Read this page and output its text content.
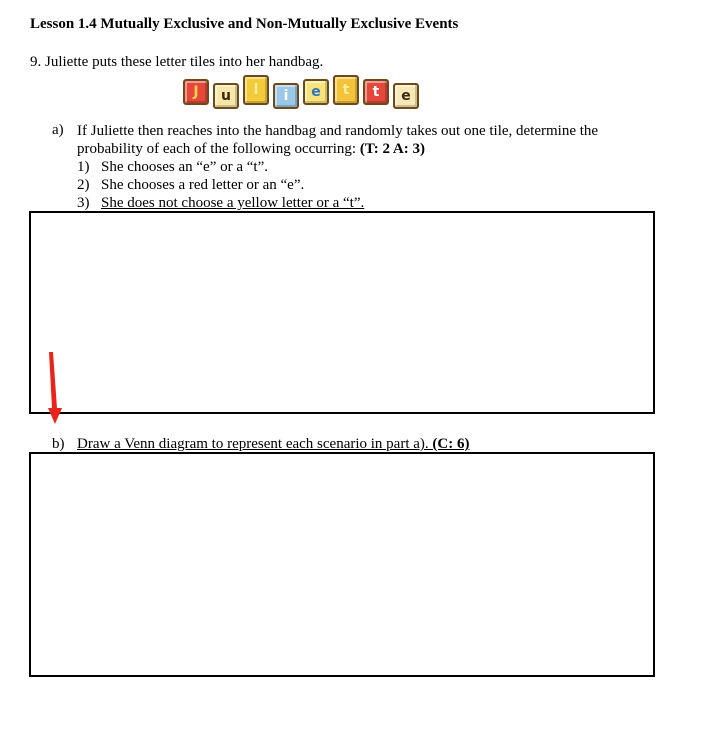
Lesson 1.4 Mutually Exclusive and Non-Mutually Exclusive Events
9. Juliette puts these letter tiles into her handbag.
J u l i e t t e
a) If Juliette then reaches into the handbag and randomly takes out one tile, determine the probability of each of the following occurring: (T: 2 A: 3)
1) She chooses an “e” or a “t”.
2) She chooses a red letter or an “e”.
3) She does not choose a yellow letter or a “t”.
b) Draw a Venn diagram to represent each scenario in part a). (C: 6)
